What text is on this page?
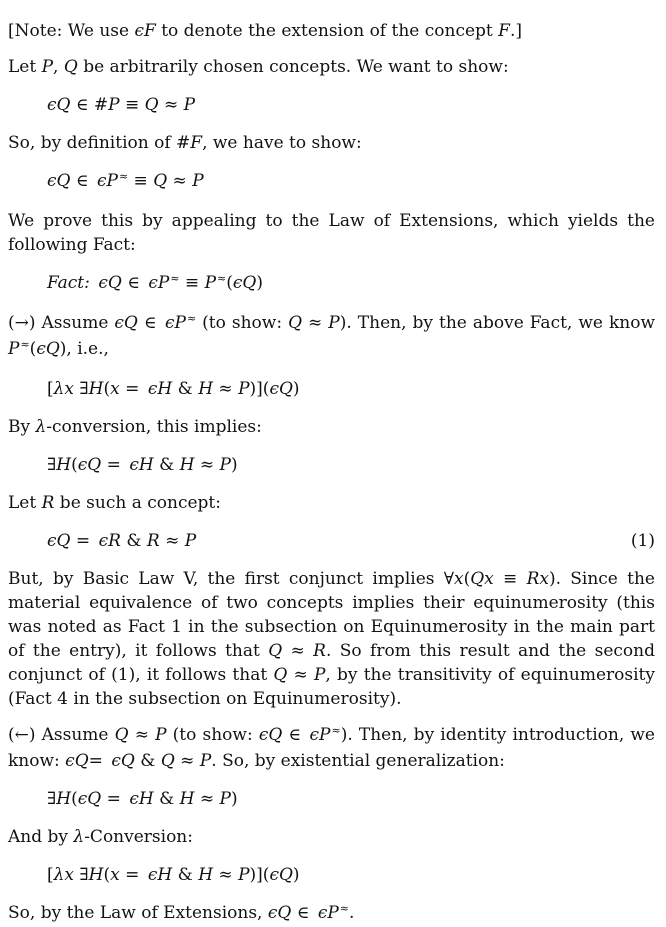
[Note: We use ϵF to denote the extension of the concept F.]

Let P, Q be arbitrarily chosen concepts. We want to show:

ϵQ ∈ #P ≡ Q ≈ P

So, by definition of #F, we have to show:

ϵQ ∈ ϵP≈ ≡ Q ≈ P

We prove this by appealing to the Law of Extensions, which yields the following Fact:

Fact:  ϵQ ∈ ϵP≈ ≡ P≈(ϵQ)

(→) Assume ϵQ ∈ ϵP≈ (to show: Q ≈ P). Then, by the above Fact, we know P≈(ϵQ), i.e.,

[λx ∃H(x = ϵH & H ≈ P)](ϵQ)

By λ-conversion, this implies:

∃H(ϵQ = ϵH & H ≈ P)

Let R be such a concept:

ϵQ = ϵR & R ≈ P	(1)

But, by Basic Law V, the first conjunct implies ∀x(Qx ≡ Rx). Since the material equivalence of two concepts implies their equinumerosity (this was noted as Fact 1 in the subsection on Equinumerosity in the main part of the entry), it follows that Q ≈ R. So from this result and the second conjunct of (1), it follows that Q ≈ P, by the transitivity of equinumerosity (Fact 4 in the subsection on Equinumerosity).

(←) Assume Q ≈ P (to show: ϵQ ∈ ϵP≈). Then, by identity introduction, we know: ϵQ= ϵQ & Q ≈ P. So, by existential generalization:

∃H(ϵQ = ϵH & H ≈ P)

And by λ-Conversion:

[λx ∃H(x = ϵH & H ≈ P)](ϵQ)

So, by the Law of Extensions, ϵQ ∈ ϵP≈.
